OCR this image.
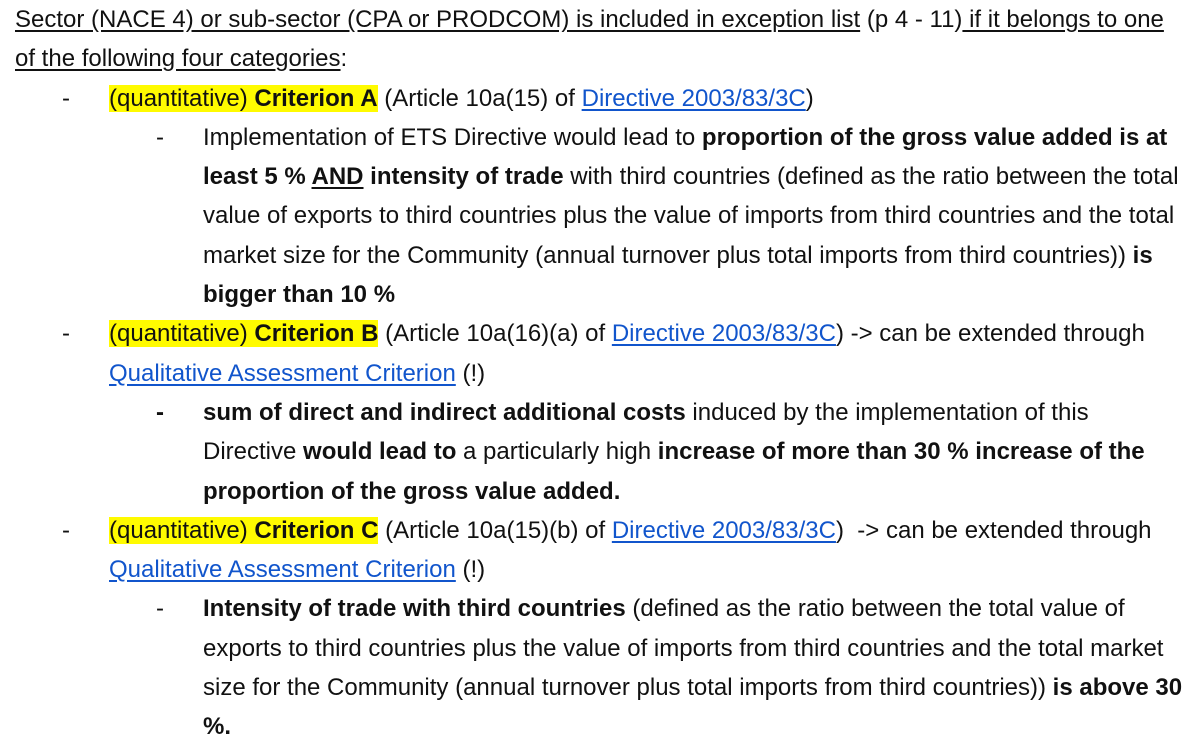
Sector (NACE 4) or sub-sector (CPA or PRODCOM) is included in exception list (p 4 - 11) if it belongs to one of the following four categories:
- (quantitative) Criterion A (Article 10a(15) of Directive 2003/83/3C)
- Implementation of ETS Directive would lead to proportion of the gross value added is at least 5 % AND intensity of trade with third countries (defined as the ratio between the total value of exports to third countries plus the value of imports from third countries and the total market size for the Community (annual turnover plus total imports from third countries)) is bigger than 10 %
- (quantitative) Criterion B (Article 10a(16)(a) of Directive 2003/83/3C) -> can be extended through Qualitative Assessment Criterion (!)
- sum of direct and indirect additional costs induced by the implementation of this Directive would lead to a particularly high increase of more than 30 % increase of the proportion of the gross value added.
- (quantitative) Criterion C (Article 10a(15)(b) of Directive 2003/83/3C)  -> can be extended through Qualitative Assessment Criterion (!)
- Intensity of trade with third countries (defined as the ratio between the total value of exports to third countries plus the value of imports from third countries and the total market size for the Community (annual turnover plus total imports from third countries)) is above 30 %.
